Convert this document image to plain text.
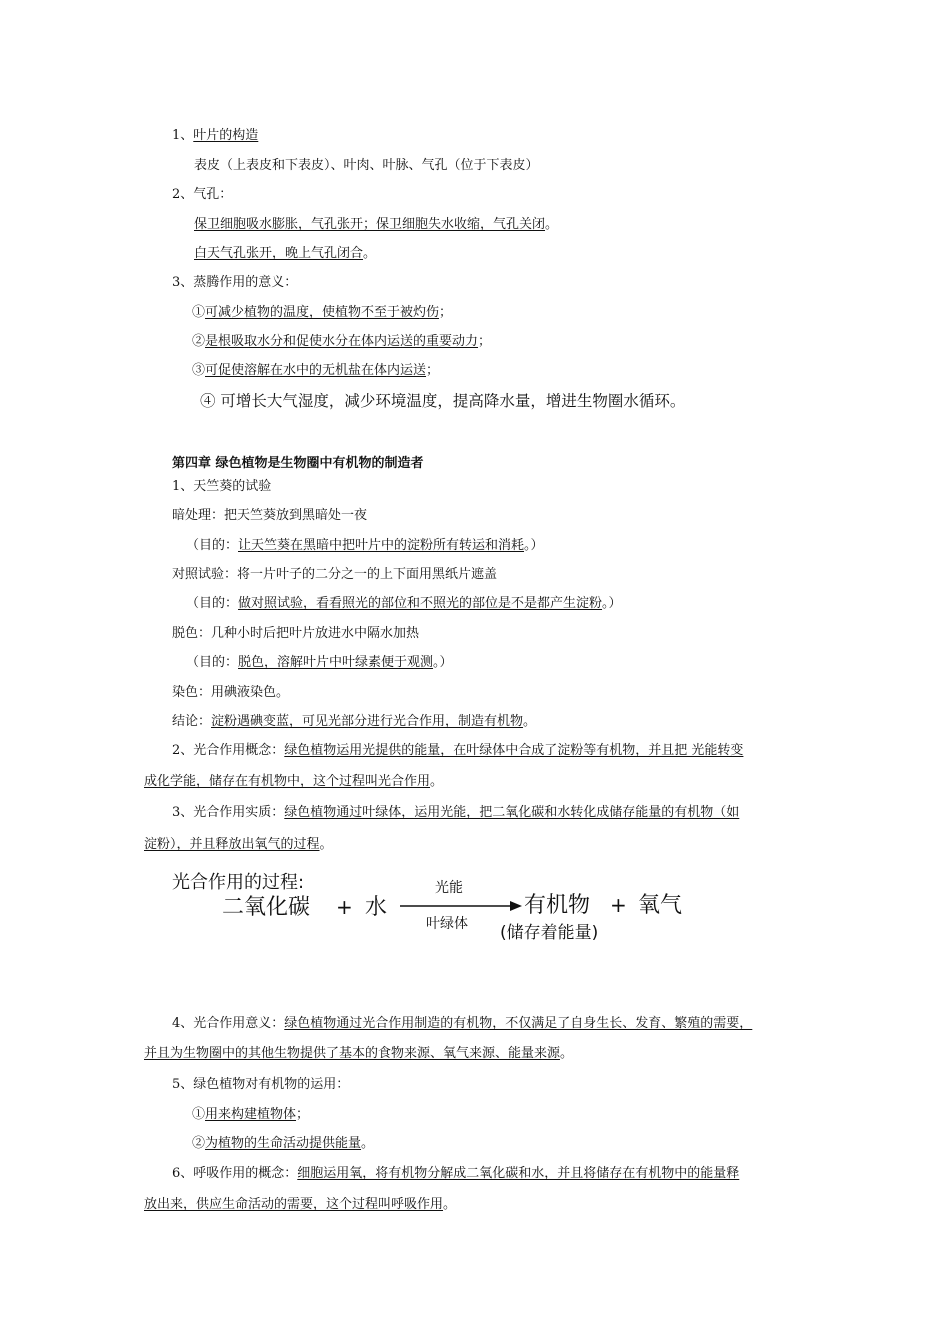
1、叶片的构造
表皮（上表皮和下表皮）、叶肉、叶脉、气孔（位于下表皮）
2、气孔：
保卫细胞吸水膨胀，气孔张开；保卫细胞失水收缩，气孔关闭。
白天气孔张开，晚上气孔闭合。
3、蒸腾作用的意义：
①可减少植物的温度，使植物不至于被灼伤；
②是根吸取水分和促使水分在体内运送的重要动力；
③可促使溶解在水中的无机盐在体内运送；
④ 可增长大气湿度，减少环境温度，提高降水量，增进生物圈水循环。
第四章 绿色植物是生物圈中有机物的制造者
1、天竺葵的试验
暗处理：把天竺葵放到黑暗处一夜
（目的：让天竺葵在黑暗中把叶片中的淀粉所有转运和消耗。）
对照试验：将一片叶子的二分之一的上下面用黑纸片遮盖
（目的：做对照试验，看看照光的部位和不照光的部位是不是都产生淀粉。）
脱色：几种小时后把叶片放进水中隔水加热
（目的：脱色，溶解叶片中叶绿素便于观测。）
染色：用碘液染色。
结论：淀粉遇碘变蓝，可见光部分进行光合作用，制造有机物。
2、光合作用概念：绿色植物运用光提供的能量，在叶绿体中合成了淀粉等有机物，并且把 光能转变
成化学能，储存在有机物中，这个过程叫光合作用。
3、光合作用实质：绿色植物通过叶绿体，运用光能，把二氧化碳和水转化成储存能量的有机物（如
淀粉），并且释放出氧气的过程。
光合作用的过程:
二氧化碳 + 水
光能
叶绿体
有机物 + 氧气
(储存着能量)
4、光合作用意义：绿色植物通过光合作用制造的有机物，不仅满足了自身生长、发育、繁殖的需要，
并且为生物圈中的其他生物提供了基本的食物来源、氧气来源、能量来源。
5、绿色植物对有机物的运用：
①用来构建植物体；
②为植物的生命活动提供能量。
6、呼吸作用的概念：细胞运用氧，将有机物分解成二氧化碳和水，并且将储存在有机物中的能量释
放出来，供应生命活动的需要，这个过程叫呼吸作用。
